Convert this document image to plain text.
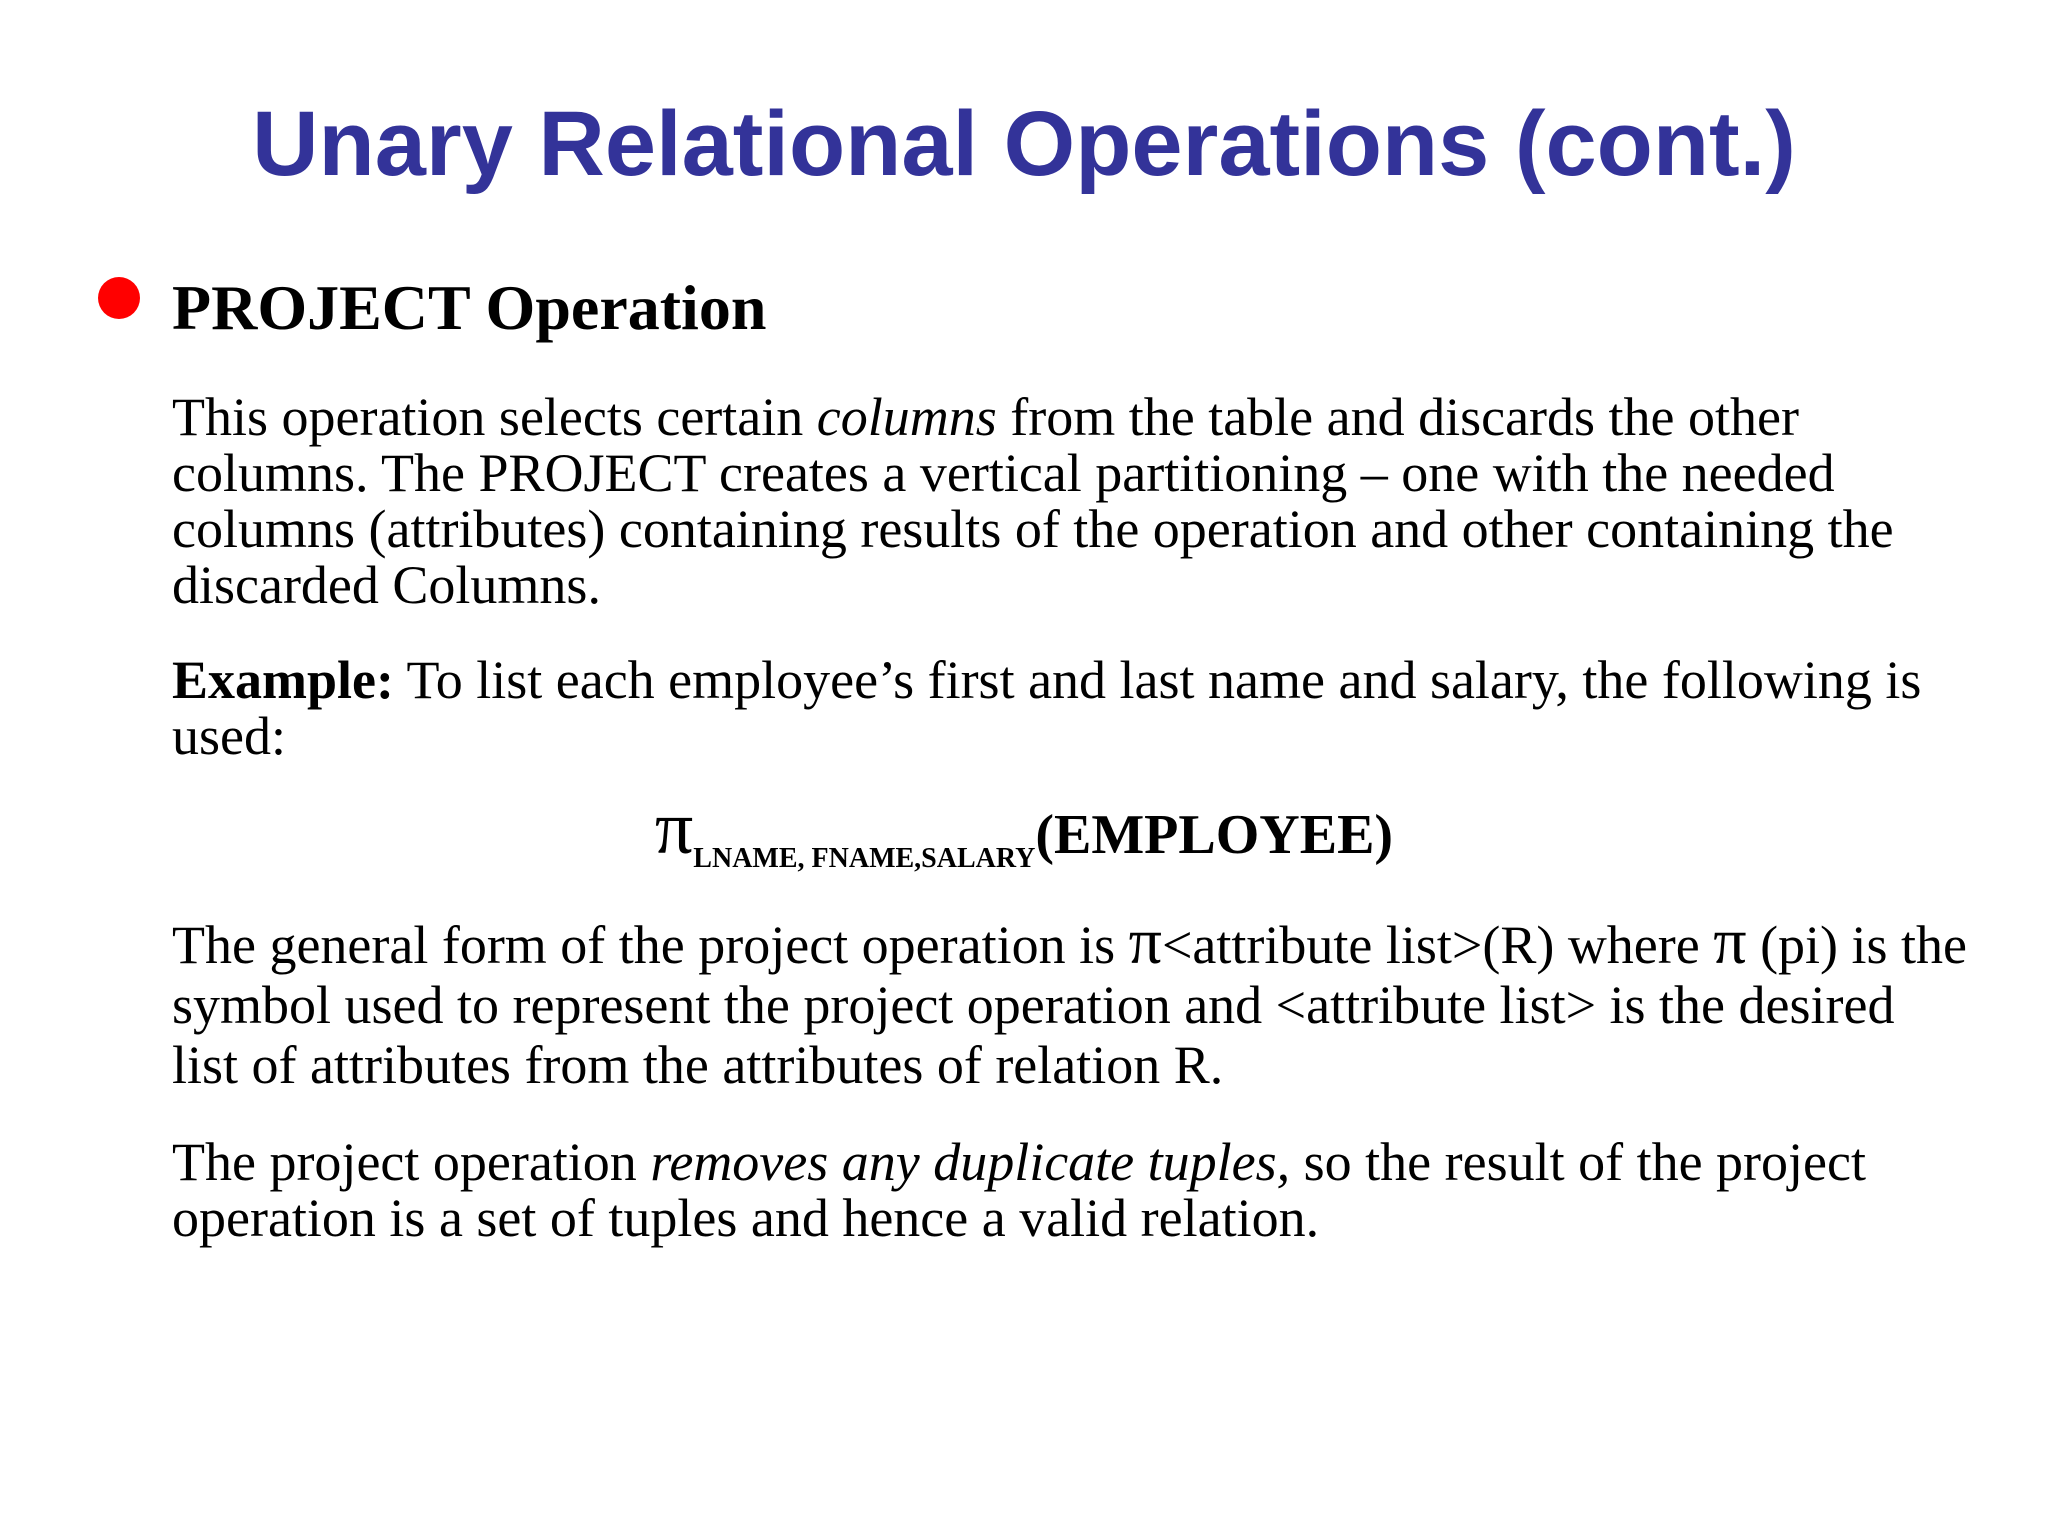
Unary Relational Operations (cont.)
PROJECT Operation

This operation selects certain columns from the table and discards the other columns. The PROJECT creates a vertical partitioning – one with the needed columns (attributes) containing results of the operation and other containing the discarded Columns.

Example: To list each employee’s first and last name and salary, the following is used:

$\pi_{LNAME, FNAME,SALARY}(EMPLOYEE)$

The general form of the project operation is π<attribute list>(R) where π (pi) is the symbol used to represent the project operation and <attribute list> is the desired list of attributes from the attributes of relation R.

The project operation removes any duplicate tuples, so the result of the project operation is a set of tuples and hence a valid relation.
